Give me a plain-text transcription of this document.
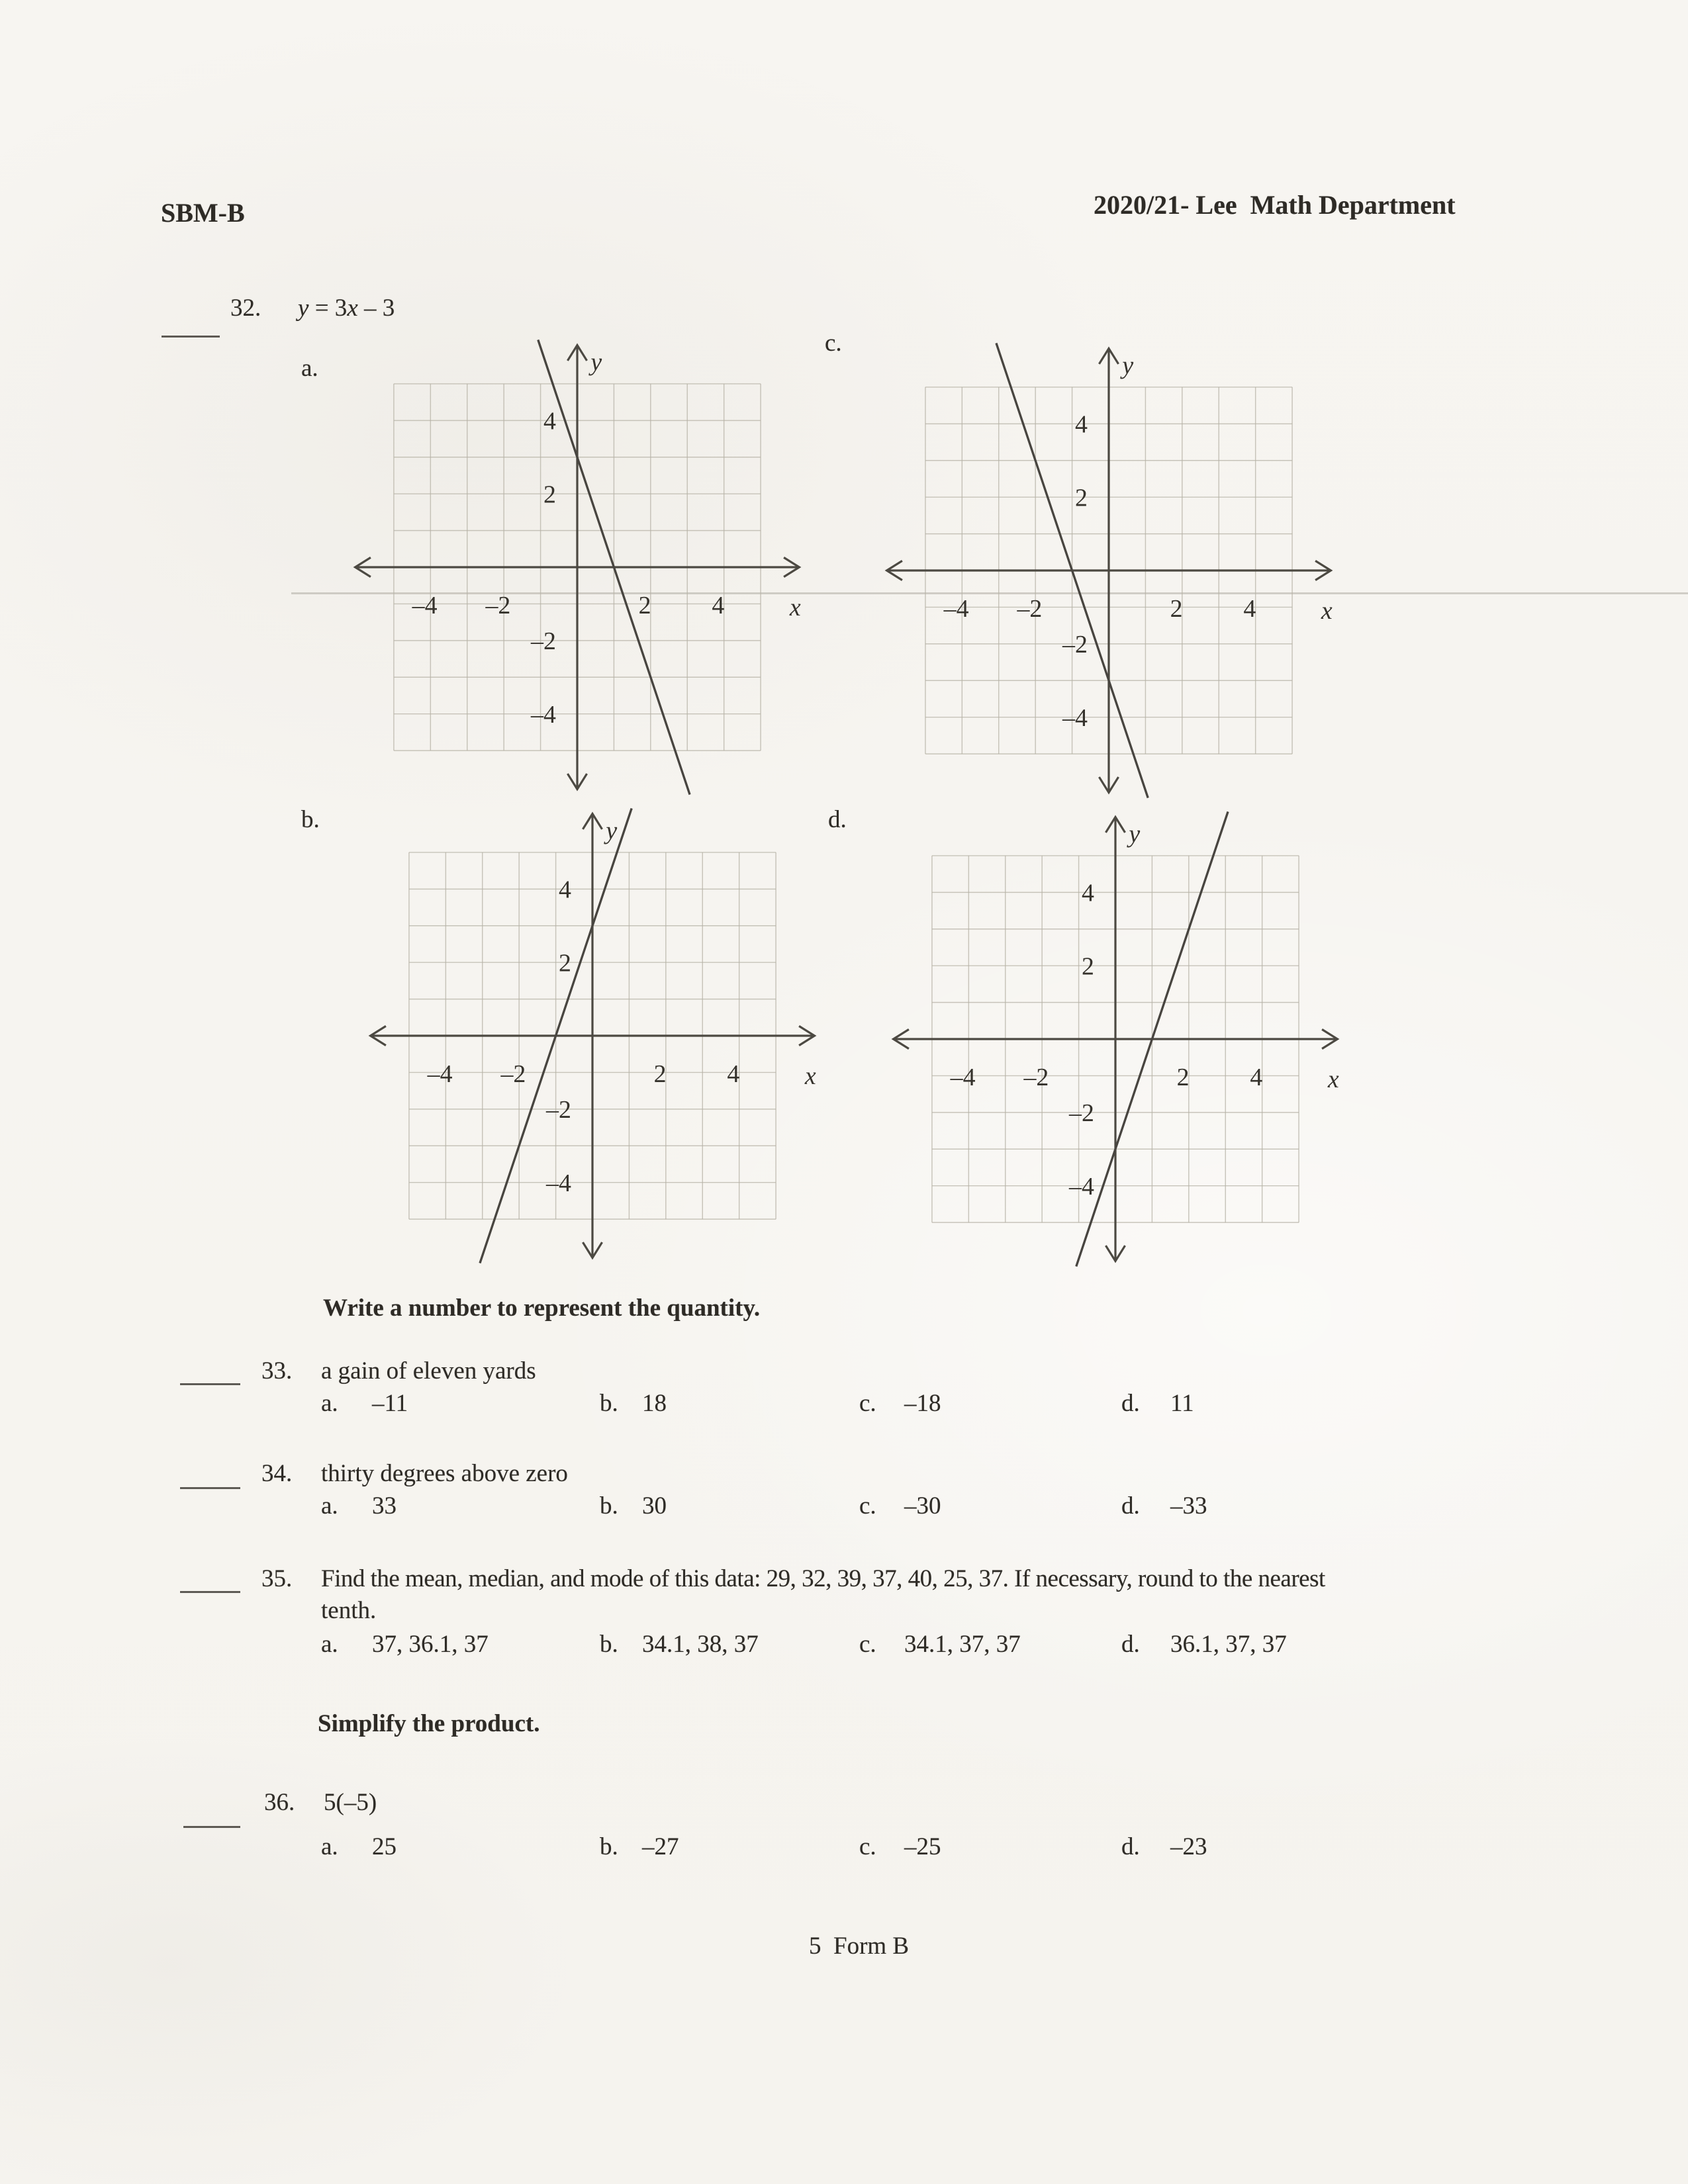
SBM-B	2020/21- Lee  Math Department
32. y = 3x – 3
a.
c.
b.	d.
–4	–2	2	4
4
2
–2
–4
y
x	–4	–2	2	4
4
2
–2
–4
y
x
–4	–2	2	4
4
2
–2
–4
y
x	–4	–2	2	4
4
2
–2
–4
y
x
Write a number to represent the quantity.
33. a gain of eleven yards
a. –11	b. 18	c. –18	d. 11
34. thirty degrees above zero
a. 33	b. 30	c. –30	d. –33
35. Find the mean, median, and mode of this data: 29, 32, 39, 37, 40, 25, 37. If necessary, round to the nearest
tenth.
a. 37, 36.1, 37	b. 34.1, 38, 37	c. 34.1, 37, 37	d. 36.1, 37, 37
Simplify the product.
36. 5(–5)
a. 25	b. –27	c. –25	d. –23
5  Form B
